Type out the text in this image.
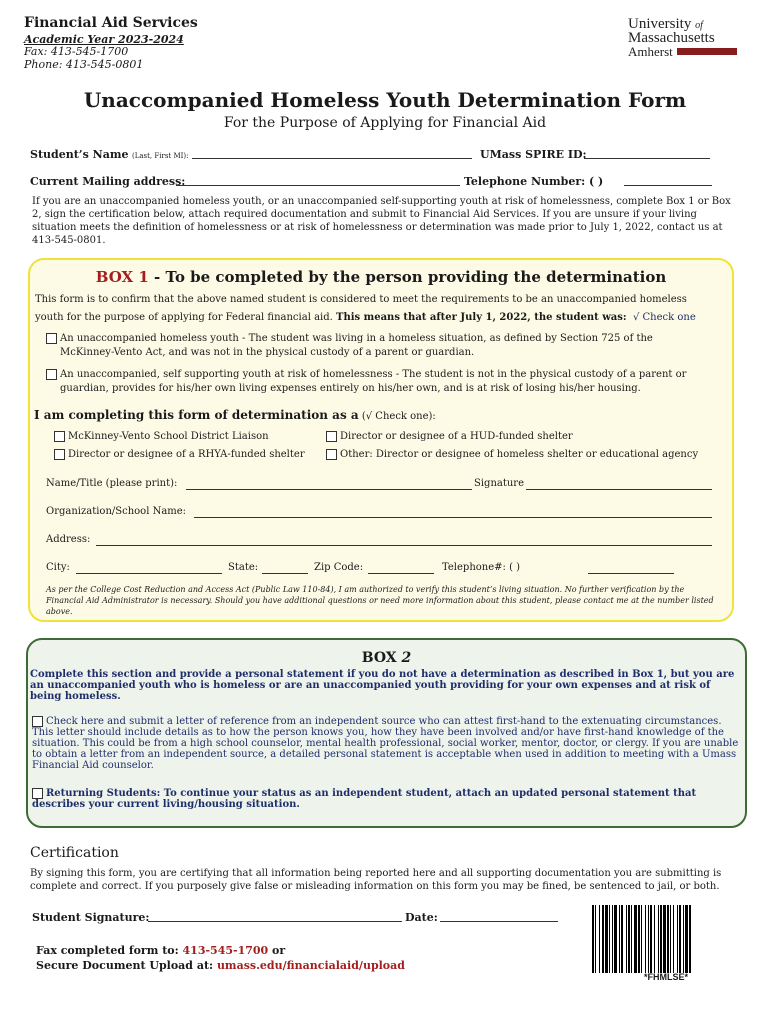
Financial Aid Services
Academic Year 2023-2024
Fax: 413-545-1700
Phone: 413-545-0801
University of
Massachusetts
Amherst
Unaccompanied Homeless Youth Determination Form
For the Purpose of Applying for Financial Aid
Student’s Name (Last, First MI):	UMass SPIRE ID:
Current Mailing address:	Telephone Number: ( )
If you are an unaccompanied homeless youth, or an unaccompanied self-supporting youth at risk of homelessness, complete Box 1 or Box 2, sign the certification below, attach required documentation and submit to Financial Aid Services. If you are unsure if your living situation meets the definition of homelessness or at risk of homelessness or determination was made prior to July 1, 2022, contact us at 413-545-0801.
BOX 1 - To be completed by the person providing the determination
This form is to confirm that the above named student is considered to meet the requirements to be an unaccompanied homeless
youth for the purpose of applying for Federal financial aid. This means that after July 1, 2022, the student was: √ Check one
An unaccompanied homeless youth - The student was living in a homeless situation, as defined by Section 725 of the
McKinney-Vento Act, and was not in the physical custody of a parent or guardian.
An unaccompanied, self supporting youth at risk of homelessness - The student is not in the physical custody of a parent or
guardian, provides for his/her own living expenses entirely on his/her own, and is at risk of losing his/her housing.
I am completing this form of determination as a (√ Check one):
McKinney-Vento School District Liaison	Director or designee of a HUD-funded shelter
Director or designee of a RHYA-funded shelter	Other: Director or designee of homeless shelter or educational agency
Name/Title (please print):	Signature
Organization/School Name:
Address:
City:	State:	Zip Code:	Telephone#: ( )
As per the College Cost Reduction and Access Act (Public Law 110-84), I am authorized to verify this student’s living situation. No further verification by the Financial Aid Administrator is necessary. Should you have additional questions or need more information about this student, please contact me at the number listed above.
BOX 2
Complete this section and provide a personal statement if you do not have a determination as described in Box 1, but you are an unaccompanied youth who is homeless or are an unaccompanied youth providing for your own expenses and at risk of being homeless.
Check here and submit a letter of reference from an independent source who can attest first-hand to the extenuating circumstances. This letter should include details as to how the person knows you, how they have been involved and/or have first-hand knowledge of the situation. This could be from a high school counselor, mental health professional, social worker, mentor, doctor, or clergy. If you are unable to obtain a letter from an independent source, a detailed personal statement is acceptable when used in addition to meeting with a Umass Financial Aid counselor.
Returning Students: To continue your status as an independent student, attach an updated personal statement that describes your current living/housing situation.
Certification
By signing this form, you are certifying that all information being reported here and all supporting documentation you are submitting is complete and correct. If you purposely give false or misleading information on this form you may be fined, be sentenced to jail, or both.
Student Signature:	Date:
Fax completed form to: 413-545-1700 or
Secure Document Upload at: umass.edu/financialaid/upload
*FHMLSE*
